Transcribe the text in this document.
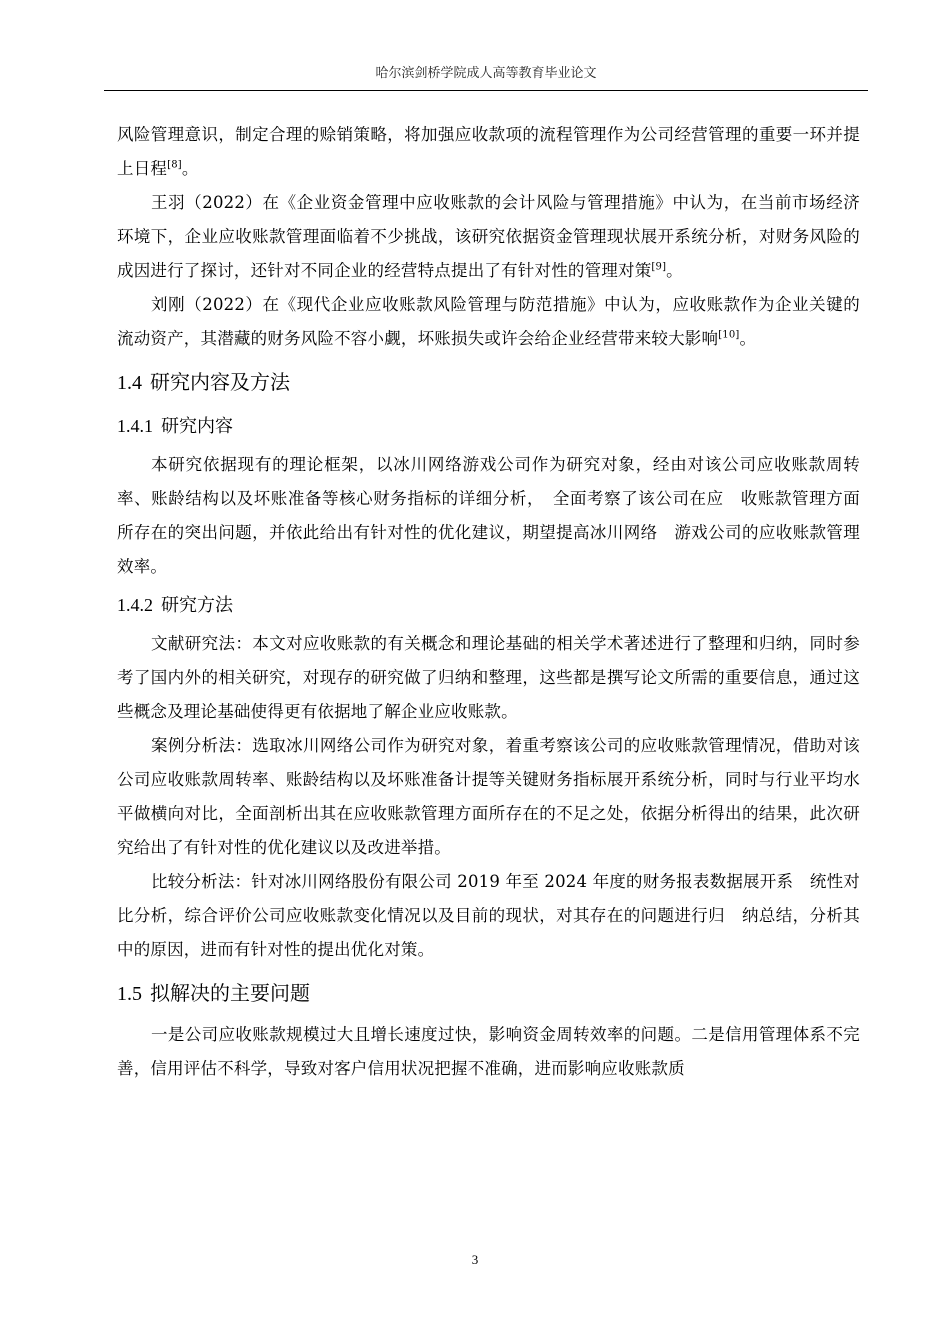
哈尔滨剑桥学院成人高等教育毕业论文

风险管理意识，制定合理的赊销策略，将加强应收款项的流程管理作为公司经营管理的重要一环并提上日程[8]。

王羽（2022）在《企业资金管理中应收账款的会计风险与管理措施》中认为，在当前市场经济环境下，企业应收账款管理面临着不少挑战，该研究依据资金管理现状展开系统分析，对财务风险的成因进行了探讨，还针对不同企业的经营特点提出了有针对性的管理对策[9]。

刘刚（2022）在《现代企业应收账款风险管理与防范措施》中认为，应收账款作为企业关键的流动资产，其潜藏的财务风险不容小觑，坏账损失或许会给企业经营带来较大影响[10]。

1.4 研究内容及方法
1.4.1 研究内容

本研究依据现有的理论框架，以冰川网络游戏公司作为研究对象，经由对该公司应收账款周转率、账龄结构以及坏账准备等核心财务指标的详细分析，　全面考察了该公司在应　收账款管理方面所存在的突出问题，并依此给出有针对性的优化建议，期望提高冰川网络　游戏公司的应收账款管理效率。

1.4.2 研究方法

文献研究法：本文对应收账款的有关概念和理论基础的相关学术著述进行了整理和归纳，同时参考了国内外的相关研究，对现存的研究做了归纳和整理，这些都是撰写论文所需的重要信息，通过这些概念及理论基础使得更有依据地了解企业应收账款。

案例分析法：选取冰川网络公司作为研究对象，着重考察该公司的应收账款管理情况，借助对该公司应收账款周转率、账龄结构以及坏账准备计提等关键财务指标展开系统分析，同时与行业平均水平做横向对比，全面剖析出其在应收账款管理方面所存在的不足之处，依据分析得出的结果，此次研究给出了有针对性的优化建议以及改进举措。

比较分析法：针对冰川网络股份有限公司 2019 年至 2024 年度的财务报表数据展开系　统性对比分析，综合评价公司应收账款变化情况以及目前的现状，对其存在的问题进行归　纳总结，分析其中的原因，进而有针对性的提出优化对策。

1.5 拟解决的主要问题

一是公司应收账款规模过大且增长速度过快，影响资金周转效率的问题。二是信用管理体系不完善，信用评估不科学，导致对客户信用状况把握不准确，进而影响应收账款质

3
